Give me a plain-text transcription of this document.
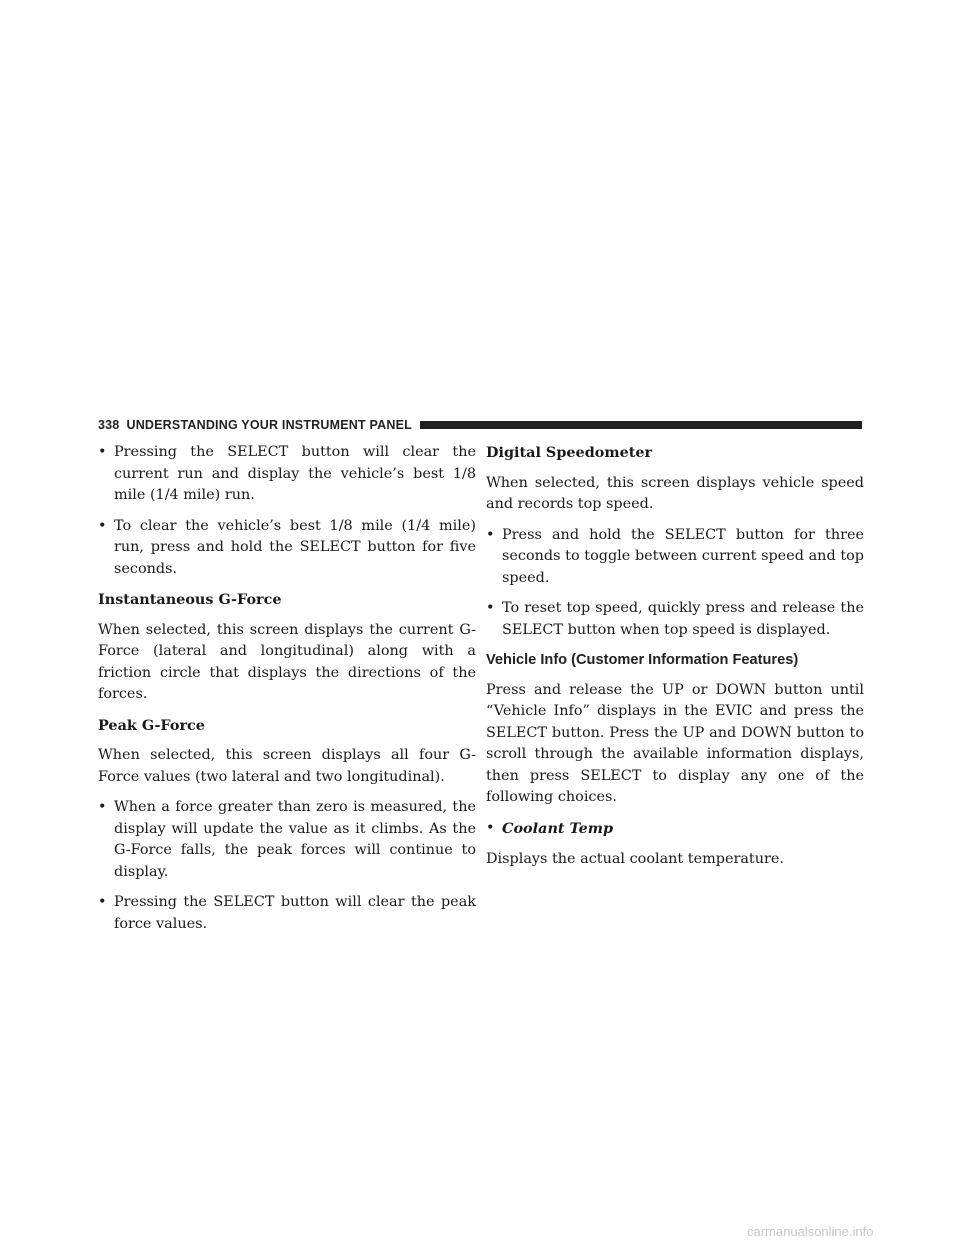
338 UNDERSTANDING YOUR INSTRUMENT PANEL
• Pressing the SELECT button will clear the current run and display the vehicle’s best 1/8 mile (1/4 mile) run.
• To clear the vehicle’s best 1/8 mile (1/4 mile) run, press and hold the SELECT button for five seconds.
Instantaneous G-Force

When selected, this screen displays the current G-Force (lateral and longitudinal) along with a friction circle that displays the directions of the forces.

Peak G-Force

When selected, this screen displays all four G-Force values (two lateral and two longitudinal).

• When a force greater than zero is measured, the display will update the value as it climbs. As the G-Force falls, the peak forces will continue to display.
• Pressing the SELECT button will clear the peak force values.
Digital Speedometer

When selected, this screen displays vehicle speed and records top speed.

• Press and hold the SELECT button for three seconds to toggle between current speed and top speed.
• To reset top speed, quickly press and release the SELECT button when top speed is displayed.
Vehicle Info (Customer Information Features)

Press and release the UP or DOWN button until “Vehicle Info” displays in the EVIC and press the SELECT button. Press the UP and DOWN button to scroll through the available information displays, then press SELECT to display any one of the following choices.

• Coolant Temp

Displays the actual coolant temperature.

carmanualsonline.info
